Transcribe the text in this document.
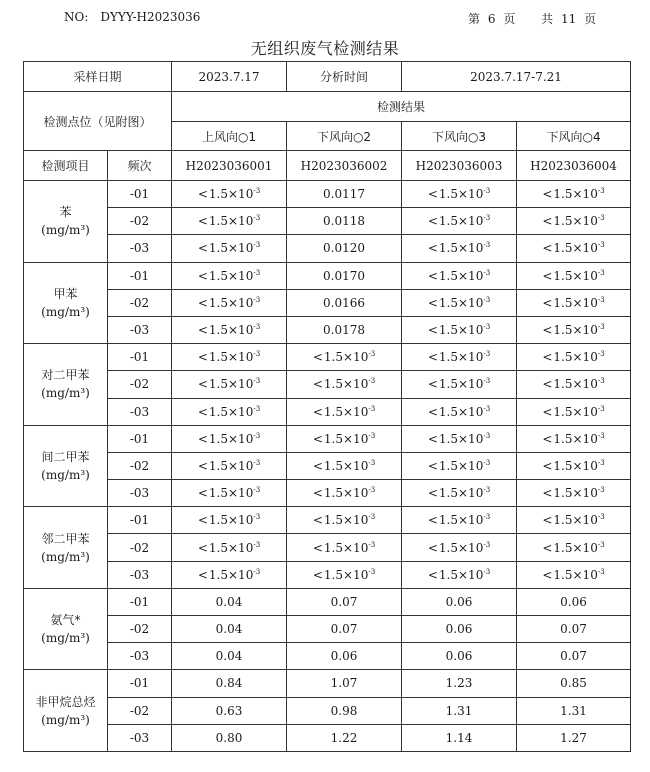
NO: DYYY-H2023036	第 6 页 共 11 页
无组织废气检测结果
采样日期		2023.7.17	分析时间	2023.7.17-7.21	
检测点位（见附图）		检测结果			
		上风向○1	下风向○2	下风向○3	下风向○4
检测项目	频次	H2023036001	H2023036002	H2023036003	H2023036004

苯
(mg/m³)	-01	$<1.5\times 10^{-3}$	0.0117	$<1.5\times 10^{-3}$	$<1.5\times 10^{-3}$
	-02	$<1.5\times 10^{-3}$	0.0118	$<1.5\times 10^{-3}$	$<1.5\times 10^{-3}$
	-03	$<1.5\times 10^{-3}$	0.0120	$<1.5\times 10^{-3}$	$<1.5\times 10^{-3}$

甲苯
(mg/m³)	-01	$<1.5\times 10^{-3}$	0.0170	$<1.5\times 10^{-3}$	$<1.5\times 10^{-3}$
	-02	$<1.5\times 10^{-3}$	0.0166	$<1.5\times 10^{-3}$	$<1.5\times 10^{-3}$
	-03	$<1.5\times 10^{-3}$	0.0178	$<1.5\times 10^{-3}$	$<1.5\times 10^{-3}$

对二甲苯
(mg/m³)	-01	$<1.5\times 10^{-3}$	$<1.5\times 10^{-3}$	$<1.5\times 10^{-3}$	$<1.5\times 10^{-3}$
	-02	$<1.5\times 10^{-3}$	$<1.5\times 10^{-3}$	$<1.5\times 10^{-3}$	$<1.5\times 10^{-3}$
	-03	$<1.5\times 10^{-3}$	$<1.5\times 10^{-3}$	$<1.5\times 10^{-3}$	$<1.5\times 10^{-3}$

间二甲苯
(mg/m³)	-01	$<1.5\times 10^{-3}$	$<1.5\times 10^{-3}$	$<1.5\times 10^{-3}$	$<1.5\times 10^{-3}$
	-02	$<1.5\times 10^{-3}$	$<1.5\times 10^{-3}$	$<1.5\times 10^{-3}$	$<1.5\times 10^{-3}$
	-03	$<1.5\times 10^{-3}$	$<1.5\times 10^{-3}$	$<1.5\times 10^{-3}$	$<1.5\times 10^{-3}$

邻二甲苯
(mg/m³)	-01	$<1.5\times 10^{-3}$	$<1.5\times 10^{-3}$	$<1.5\times 10^{-3}$	$<1.5\times 10^{-3}$
	-02	$<1.5\times 10^{-3}$	$<1.5\times 10^{-3}$	$<1.5\times 10^{-3}$	$<1.5\times 10^{-3}$
	-03	$<1.5\times 10^{-3}$	$<1.5\times 10^{-3}$	$<1.5\times 10^{-3}$	$<1.5\times 10^{-3}$

氨气*
(mg/m³)	-01	0.04	0.07	0.06	0.06
	-02	0.04	0.07	0.06	0.07
	-03	0.04	0.06	0.06	0.07

非甲烷总烃
(mg/m³)	-01	0.84	1.07	1.23	0.85
	-02	0.63	0.98	1.31	1.31
	-03	0.80	1.22	1.14	1.27
